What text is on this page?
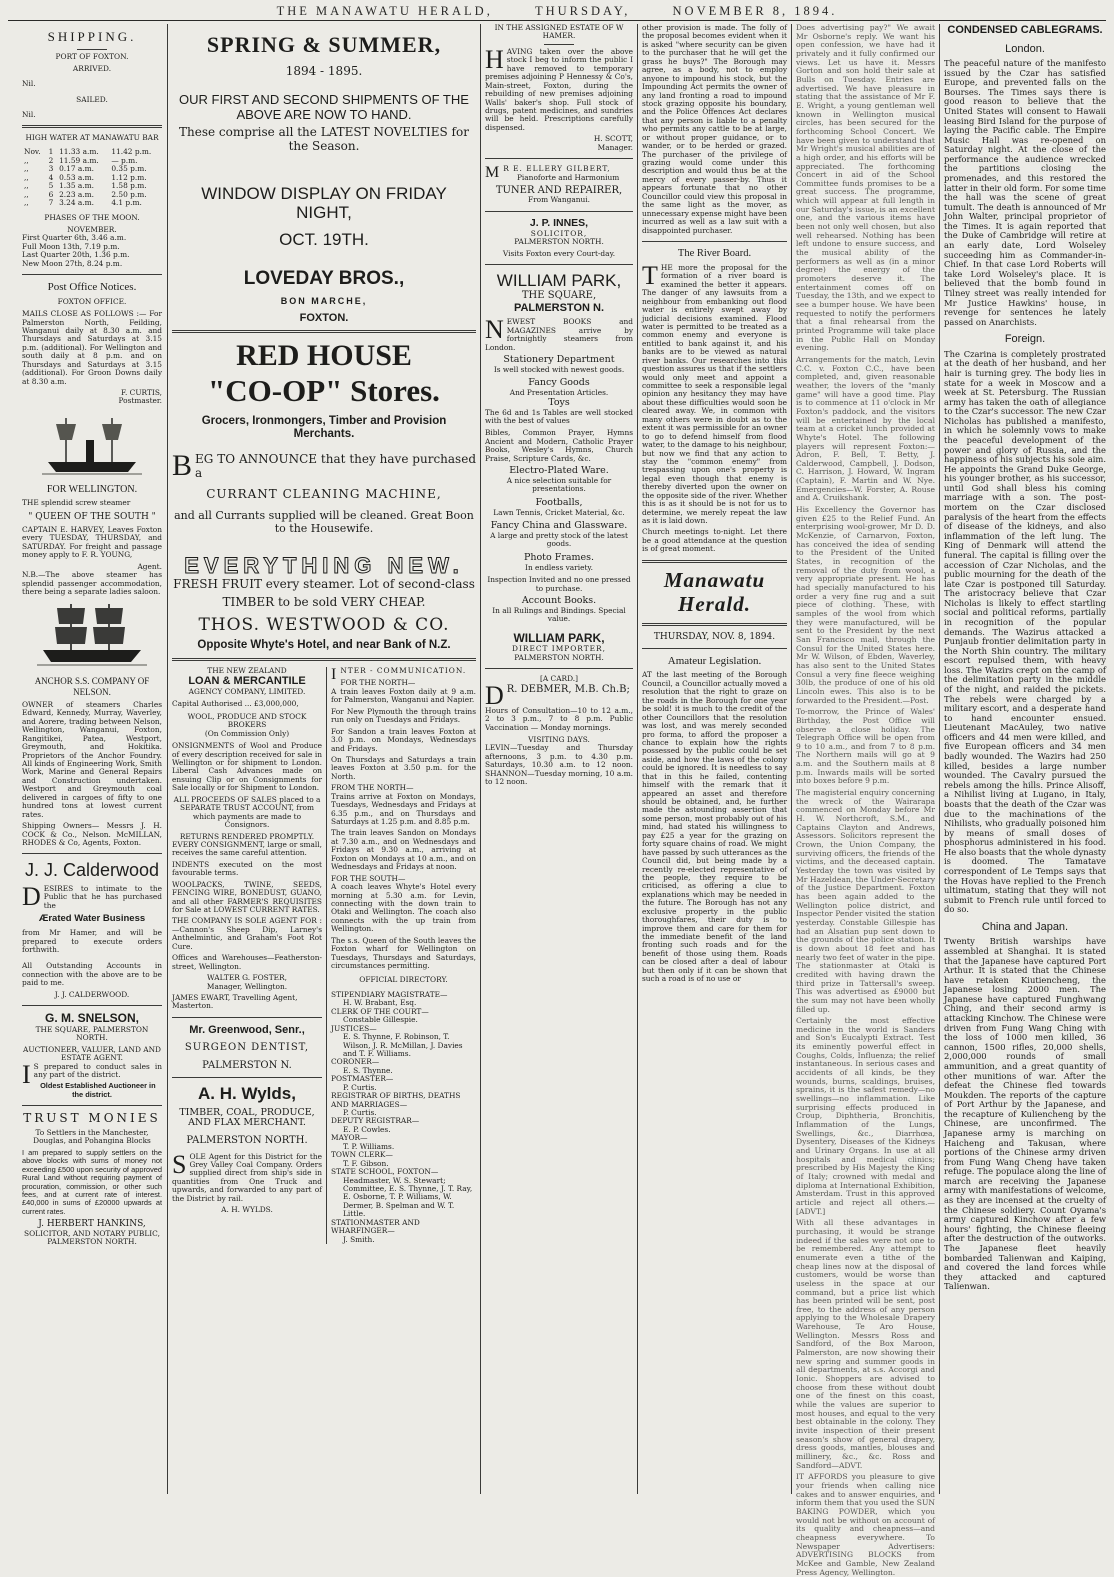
THE MANAWATU HERALD,	THURSDAY,	NOVEMBER 8, 1894.
SHIPPING.
PORT OF FOXTON.
ARRIVED.
Nil.
SAILED.
Nil.
HIGH WATER AT MANAWATU BAR
Nov.	1	11.33 a.m.	11.42 p.m.
,,	2	11.59 a.m.	— p.m.
,,	3	0.17 a.m.	0.35 p.m.
,,	4	0.53 a.m.	1.12 p.m.
,,	5	1.35 a.m.	1.58 p.m.
,,	6	2.23 a.m.	2.50 p.m.
,,	7	3.24 a.m.	4.1 p.m.
PHASES OF THE MOON.
NOVEMBER.
First Quarter 6th, 3.46 a.m.
Full Moon 13th, 7.19 p.m.
Last Quarter 20th, 1.36 p.m.
New Moon 27th, 8.24 p.m.
Post Office Notices.
FOXTON OFFICE.

MAILS CLOSE AS FOLLOWS :— For Palmerston North, Feilding, Wanganui daily at 8.30 a.m. and Thursdays and Saturdays at 3.15 p.m. (additional). For Wellington and south daily at 8 p.m. and on Thursdays and Saturdays at 3.15 (additional). For Groon Downs daily at 8.30 a.m.

F. CURTIS,
Postmaster.
FOR WELLINGTON.
THE splendid screw steamer
" QUEEN OF THE SOUTH "

CAPTAIN E. HARVEY, Leaves Foxton every TUESDAY, THURSDAY, and SATURDAY. For freight and passage money apply to F. R. YOUNG,

Agent.

N.B.—The above steamer has splendid passenger accommodation, there being a separate ladies saloon.

ANCHOR S.S. COMPANY OF NELSON.

OWNER of steamers Charles Edward, Kennedy, Murray, Waverley, and Aorere, trading between Nelson, Wellington, Wanganui, Foxton, Rangitikei, Patea, Westport, Greymouth, and Hokitika. Proprietors of the Anchor Foundry. All kinds of Engineering Work, Smith Work, Marine and General Repairs and Construction undertaken. Westport and Greymouth coal delivered in cargoes of fifty to one hundred tons at lowest current rates.

Shipping Owners— Messrs J. H. COCK & Co., Nelson. McMILLAN, RHODES & Co, Agents, Foxton.

J. J. Calderwood

DESIRES to intimate to the Public that he has purchased the

Ærated Water Business

from Mr Hamer, and will be prepared to execute orders forthwith.

All Outstanding Accounts in connection with the above are to be paid to me.

J. J. CALDERWOOD.
G. M. SNELSON,
THE SQUARE, PALMERSTON NORTH.
AUCTIONEER, VALUER, LAND AND ESTATE AGENT.

I S prepared to conduct sales in any part of the district.

Oldest Established Auctioneer in the district.
TRUST MONIES
To Settlers in the Manchester, Douglas, and Pohangina Blocks

I am prepared to supply settlers on the above blocks with sums of money not exceeding £500 upon security of approved Rural Land without requiring payment of procuration, commission, or other such fees, and at current rate of interest. £40,000 in sums of £20000 upwards at current rates.

J. HERBERT HANKINS,
SOLICITOR, AND NOTARY PUBLIC,
PALMERSTON NORTH.
SPRING & SUMMER,
1894 - 1895.
OUR FIRST AND SECOND SHIPMENTS OF THE ABOVE ARE NOW TO HAND.
These comprise all the LATEST NOVELTIES for the Season.
WINDOW DISPLAY ON FRIDAY NIGHT,
OCT. 19TH.
LOVEDAY BROS.,
BON MARCHE,
FOXTON.
RED HOUSE
"CO-OP" Stores.
Grocers, Ironmongers, Timber and Provision Merchants.

BEG TO ANNOUNCE that they have purchased a

CURRANT CLEANING MACHINE,
and all Currants supplied will be cleaned. Great Boon to the Housewife.
EVERYTHING NEW.
FRESH FRUIT every steamer. Lot of second-class
TIMBER to be sold VERY CHEAP.
THOS. WESTWOOD & CO.
Opposite Whyte's Hotel, and near Bank of N.Z.
THE NEW ZEALAND
LOAN & MERCANTILE
AGENCY COMPANY, LIMITED.
Capital Authorised ... £3,000,000,
WOOL, PRODUCE AND STOCK BROKERS
(On Commission Only)

ONSIGNMENTS of Wool and Produce of every description received for sale in Wellington or for shipment to London. Liberal Cash Advances made on ensuing Clip or on Consignments for Sale locally or for Shipment to London.

ALL PROCEEDS OF SALES placed to a SEPARATE TRUST ACCOUNT, from which payments are made to Consignors.

RETURNS RENDERED PROMPTLY.

EVERY CONSIGNMENT, large or small, receives the same careful attention.

INDENTS executed on the most favourable terms.

WOOLPACKS, TWINE, SEEDS, FENCING WIRE, BONEDUST, GUANO, and all other FARMER'S REQUISITES for Sale at LOWEST CURRENT RATES.

THE COMPANY IS SOLE AGENT FOR :—Cannon's Sheep Dip, Larney's Anthelmintic, and Graham's Foot Rot Cure.

Offices and Warehouses—Featherston-street, Wellington.

WALTER G. FOSTER,
Manager, Wellington.
JAMES EWART, Travelling Agent, Masterton.
Mr. Greenwood, Senr.,
SURGEON DENTIST,
PALMERSTON N.
A. H. Wylds,
TIMBER, COAL, PRODUCE, AND FLAX MERCHANT.
PALMERSTON NORTH.

SOLE Agent for this District for the Grey Valley Coal Company. Orders supplied direct from ship's side in quantities from One Truck and upwards, and forwarded to any part of the District by rail.

A. H. WYLDS.
INTER - COMMUNICATION.
FOR THE NORTH—

A train leaves Foxton daily at 9 a.m. for Palmerston, Wanganui and Napier.

For New Plymouth the through trains run only on Tuesdays and Fridays.

For Sandon a train leaves Foxton at 3.0 p.m. on Mondays, Wednesdays and Fridays.

On Thursdays and Saturdays a train leaves Foxton at 3.50 p.m. for the North.

FROM THE NORTH—

Trains arrive at Foxton on Mondays, Tuesdays, Wednesdays and Fridays at 6.35 p.m., and on Thursdays and Saturdays at 1.25 p.m. and 8.85 p.m.

The train leaves Sandon on Mondays at 7.30 a.m., and on Wednesdays and Fridays at 9.30 a.m., arriving at Foxton on Mondays at 10 a.m., and on Wednesdays and Fridays at noon.

FOR THE SOUTH—

A coach leaves Whyte's Hotel every morning at 5.30 a.m. for Levin, connecting with the down train to Otaki and Wellington. The coach also connects with the up train from Wellington.

The s.s. Queen of the South leaves the Foxton wharf for Wellington on Tuesdays, Thursdays and Saturdays, circumstances permitting.

OFFICIAL DIRECTORY.
STIPENDIARY MAGISTRATE—
H. W. Brabant, Esq.
CLERK OF THE COURT—
Constable Gillespie.
JUSTICES—
E. S. Thynne, F. Robinson, T. Wilson, J. R. McMillan, J. Davies and T. F. Williams.
CORONER—
E. S. Thynne.
POSTMASTER—
P. Curtis.
REGISTRAR OF BIRTHS, DEATHS AND MARRIAGES—
P. Curtis.
DEPUTY REGISTRAR—
E. P. Cowles.
MAYOR—
T. P. Williams.
TOWN CLERK—
T. F. Gibson.
STATE SCHOOL, FOXTON—
Headmaster, W. S. Stewart; Committee, E. S. Thynne, J. T. Ray, E. Osborne, T. P. Williams, W. Dermer, B. Spelman and W. T. Little.
STATIONMASTER AND WHARFINGER—
J. Smith.
IN THE ASSIGNED ESTATE OF W HAMER.

HAVING taken over the above stock I beg to inform the public I have removed to temporary premises adjoining P Hennessy & Co's, Main-street, Foxton, during the rebuilding of new premises adjoining Walls' baker's shop. Full stock of drugs, patent medicines, and sundries will be held. Prescriptions carefully dispensed.

H. SCOTT,
Manager.
M R E. ELLERY GILBERT,
Pianoforte and Harmonium
TUNER AND REPAIRER,
From Wanganui.
J. P. INNES,
SOLICITOR,
PALMERSTON NORTH.
Visits Foxton every Court-day.
WILLIAM PARK,
THE SQUARE,
PALMERSTON N.

NEWEST BOOKS and MAGAZINES arrive by fortnightly steamers from London.

Stationery Department
Is well stocked with newest goods.
Fancy Goods
And Presentation Articles.
Toys

The 6d and 1s Tables are well stocked with the best of values

Bibles, Common Prayer, Hymns Ancient and Modern, Catholic Prayer Books, Wesley's Hymns, Church Praise, Scripture Cards, &c.

Electro-Plated Ware.
A nice selection suitable for presentations.
Footballs,
Lawn Tennis, Cricket Material, &c.
Fancy China and Glassware.
A large and pretty stock of the latest goods.
Photo Frames.
In endless variety.

Inspection Invited and no one pressed to purchase.

Account Books.
In all Rulings and Bindings. Special value.
WILLIAM PARK,
DIRECT IMPORTER,
PALMERSTON NORTH.
[A CARD.]
D R. DEBMER, M.B. Ch.B;

Hours of Consultation—10 to 12 a.m., 2 to 3 p.m., 7 to 8 p.m. Public Vaccination — Monday mornings.

VISITING DAYS.

LEVIN—Tuesday and Thursday afternoons, 3 p.m. to 4.30 p.m. Saturdays, 10.30 a.m. to 12 noon. SHANNON—Tuesday morning, 10 a.m. to 12 noon.

other provision is made. The folly of the proposal becomes evident when it is asked "where security can be given to the purchaser that he will get the grass he buys?" The Borough may agree, as a body, not to employ anyone to impound his stock, but the Impounding Act permits the owner of any land fronting a road to impound stock grazing opposite his boundary, and the Police Offences Act declares that any person is liable to a penalty who permits any cattle to be at large, or without proper guidance, or to wander, or to be herded or grazed. The purchaser of the privilege of grazing would come under this description and would thus be at the mercy of every passer-by. Thus it appears fortunate that no other Councillor could view this proposal in the same light as the mover, as unnecessary expense might have been incurred as well as a law suit with a disappointed purchaser.

The River Board.

THE more the proposal for the formation of a river board is examined the better it appears. The danger of any lawsuits from a neighbour from embanking out flood water is entirely swept away by judicial decisions examined. Flood water is permitted to be treated as a common enemy and everyone is entitled to bank against it, and his banks are to be viewed as natural river banks. Our researches into this question assures us that if the settlers would only meet and appoint a committee to seek a responsible legal opinion any hesitancy they may have about these difficulties would soon be cleared away. We, in common with many others were in doubt as to the extent it was permissible for an owner to go to defend himself from flood water, to the damage to his neighbour, but now we find that any action to stay the "common enemy" from trespassing upon one's property is legal even though that enemy is thereby diverted upon the owner on the opposite side of the river. Whether this is as it should be is not for us to determine, we merely repeat the law as it is laid down.

Church meetings to-night. Let there be a good attendance at the question is of great moment.

Manawatu Herald.
THURSDAY, NOV. 8, 1894.
Amateur Legislation.

AT the last meeting of the Borough Council, a Councillor actually moved a resolution that the right to graze on the roads in the Borough for one year be sold! it is much to the credit of the other Councillors that the resolution was lost, and was merely seconded pro forma, to afford the proposer a chance to explain how the rights possessed by the public could be set aside, and how the laws of the colony could be ignored. It is needless to say that in this he failed, contenting himself with the remark that it appeared an asset and therefore should be obtained, and, he further made the astounding assertion that some person, most probably out of his mind, had stated his willingness to pay £25 a year for the grazing on forty square chains of road. We might have passed by such utterances as the Council did, but being made by a recently re-elected representative of the people, they require to be criticised, as offering a clue to explanations which may be needed in the future. The Borough has not any exclusive property in the public thoroughfares, their duty is to improve them and care for them for the immediate benefit of the land fronting such roads and for the benefit of those using them. Roads can be closed after a deal of labour but then only if it can be shown that such a road is of no use or

Does advertising pay?" We await Mr Osborne's reply. We want his open confession, we have had it privately and it fully confirmed our views. Let us have it. Messrs Gorton and son hold their sale at Bulls on Tuesday. Entries are advertised. We have pleasure in stating that the assistance of Mr F. E. Wright, a young gentleman well known in Wellington musical circles, has been secured for the forthcoming School Concert. We have been given to understand that Mr Wright's musical abilities are of a high order, and his efforts will be appreciated. The forthcoming Concert in aid of the School Committee funds promises to be a great success. The programme, which will appear at full length in our Saturday's issue, is an excellent one, and the various items have been not only well chosen, but also well rehearsed. Nothing has been left undone to ensure success, and the musical ability of the performers as well as (in a minor degree) the energy of the promoters deserve it. The entertainment comes off on Tuesday, the 13th, and we expect to see a bumper house. We have been requested to notify the performers that a final rehearsal from the printed Programme will take place in the Public Hall on Monday evening.

Arrangements for the match, Levin C.C. v. Foxton C.C., have been completed, and, given reasonable weather, the lovers of the "manly game" will have a good time. Play is to commence at 11 o'clock in Mr Foxton's paddock, and the visitors will be entertained by the local team at a cricket lunch provided at Whyte's Hotel. The following players will represent Foxton:— Adron, F. Bell, T. Betty, J. Calderwood, Campbell, J. Dodson, C. Harrison, J. Howard, W. Ingram (Captain), F. Martin and W. Nye. Emergencies—W. Forster, A. Rouse and A. Cruikshank.

His Excellency the Governor has given £25 to the Relief Fund. An enterprising wool-grower, Mr D. D. McKenzie, of Carnarvon, Foxton, has conceived the idea of sending to the President of the United States, in recognition of the removal of the duty from wool, a very appropriate present. He has had specially manufactured to his order a very fine rug and a suit piece of clothing. These, with samples of the wool from which they were manufactured, will be sent to the President by the next San Francisco mail, through the Consul for the United States here. Mr W. Wilson, of Ebden, Waverley, has also sent to the United States Consul a very fine fleece weighing 30lb, the produce of one of his old Lincoln ewes. This also is to be forwarded to the President.—Post.

To-morrow, the Prince of Wales' Birthday, the Post Office will observe a close holiday. The Telegraph Office will be open from 9 to 10 a.m., and from 7 to 8 p.m. The Northern mails will go at 9 a.m. and the Southern mails at 8 p.m. Inwards mails will be sorted into boxes before 9 p.m.

The magisterial enquiry concerning the wreck of the Wairarapa commenced on Monday before Mr H. W. Northcroft, S.M., and Captains Clayton and Andrews, Assessors. Solicitors represent the Crown, the Union Company, the surviving officers, the friends of the victims, and the deceased captain. Yesterday the town was visited by Mr Hazeldean, the Under-Secretary of the Justice Department. Foxton has been again added to the Wellington police district, and Inspector Pender visited the station yesterday. Constable Gillespie has had an Alsatian pup sent down to the grounds of the police station. It is down about 18 feet and has nearly two feet of water in the pipe. The stationmaster at Otaki is credited with having drawn the third prize in Tattersall's sweep. This was advertised as £9000 but the sum may not have been wholly filled up.

Certainly the most effective medicine in the world is Sanders and Son's Eucalypti Extract. Test its eminently powerful effect in Coughs, Colds, Influenza; the relief instantaneous. In serious cases and accidents of all kinds, be they wounds, burns, scaldings, bruises, sprains, it is the safest remedy—no swellings—no inflammation. Like surprising effects produced in Croup, Diphtheria, Bronchitis, Inflammation of the Lungs, Swellings, &c., Diarrhœa, Dysentery, Diseases of the Kidneys and Urinary Organs. In use at all hospitals and medical clinics; prescribed by His Majesty the King of Italy; crowned with medal and diploma at International Exhibition, Amsterdam. Trust in this approved article and reject all others.—[ADVT.]

With all these advantages in purchasing, it would be strange indeed if the sales were not one to be remembered. Any attempt to enumerate even a tithe of the cheap lines now at the disposal of customers, would be worse than useless in the space at our command, but a price list which has been printed will be sent, post free, to the address of any person applying to the Wholesale Drapery Warehouse, Te Aro House, Wellington. Messrs Ross and Sandford, of the Box Maroon, Palmerston, are now showing their new spring and summer goods in all departments, at s.s. Accorgi and Ionic. Shoppers are advised to choose from these without doubt one of the finest on this coast, while the values are superior to most houses, and equal to the very best obtainable in the colony. They invite inspection of their present season's show of general drapery, dress goods, mantles, blouses and millinery, &c., &c. Ross and Sandford—ADVT.

IT AFFORDS you pleasure to give your friends when calling nice cakes and to answer enquiries, and inform them that you used the SUN BAKING POWDER, which you would not be without on account of its quality and cheapness—and cheapness everywhere. To Newspaper Advertisers: ADVERTISING BLOCKS from McKee and Gamble, New Zealand Press Agency, Wellington.

CONDENSED CABLEGRAMS.
London.

The peaceful nature of the manifesto issued by the Czar has satisfied Europe, and prevented falls on the Bourses. The Times says there is good reason to believe that the United States will consent to Hawaii leasing Bird Island for the purpose of laying the Pacific cable. The Empire Music Hall was re-opened on Saturday night. At the close of the performance the audience wrecked the partitions closing the promenades, and this restored the latter in their old form. For some time the hall was the scene of great tumult. The death is announced of Mr John Walter, principal proprietor of the Times. It is again reported that the Duke of Cambridge will retire at an early date, Lord Wolseley succeeding him as Commander-in-Chief. In that case Lord Roberts will take Lord Wolseley's place. It is believed that the bomb found in Tilney street was really intended for Mr Justice Hawkins' house, in revenge for sentences he lately passed on Anarchists.

Foreign.

The Czarina is completely prostrated at the death of her husband, and her hair is turning grey. The body lies in state for a week in Moscow and a week at St. Petersburg. The Russian army has taken the oath of allegiance to the Czar's successor. The new Czar Nicholas has published a manifesto, in which he solemnly vows to make the peaceful development of the power and glory of Russia, and the happiness of his subjects his sole aim. He appoints the Grand Duke George, his younger brother, as his successor, until God shall bless his coming marriage with a son. The post-mortem on the Czar disclosed paralysis of the heart from the effects of disease of the kidneys, and also inflammation of the left lung. The King of Denmark will attend the funeral. The capital is filling over the accession of Czar Nicholas, and the public mourning for the death of the late Czar is postponed till Saturday. The aristocracy believe that Czar Nicholas is likely to effect startling social and political reforms, partially in recognition of the popular demands. The Wazirus attacked a Punjaub frontier delimitation party in the North Shin country. The military escort repulsed them, with heavy loss. The Wazirs crept on the camp of the delimitation party in the middle of the night, and raided the pickets. The rebels were charged by a military escort, and a desperate hand to hand encounter ensued. Lieutenant MacAuley, two native officers and 44 men were killed, and five European officers and 34 men badly wounded. The Wazirs had 250 killed, besides a large number wounded. The Cavalry pursued the rebels among the hills. Prince Alisoff, a Nihilist living at Lugano, in Italy, boasts that the death of the Czar was due to the machinations of the Nihilists, who gradually poisoned him by means of small doses of phosphorus administered in his food. He also boasts that the whole dynasty is doomed. The Tamatave correspondent of Le Temps says that the Hovas have replied to the French ultimatum, stating that they will not submit to French rule until forced to do so.

China and Japan.

Twenty British warships have assembled at Shanghai. It is stated that the Japanese have captured Port Arthur. It is stated that the Chinese have retaken Kiutiencheng, the Japanese losing 2000 men. The Japanese have captured Funghwang Ching, and their second army is attacking Kinchow. The Chinese were driven from Fung Wang Ching with the loss of 1000 men killed, 36 cannon, 1500 rifles, 20,000 shells, 2,000,000 rounds of small ammunition, and a great quantity of other munitions of war. After the defeat the Chinese fled towards Moukden. The reports of the capture of Port Arthur by the Japanese, and the recapture of Kuliencheng by the Chinese, are unconfirmed. The Japanese army is marching on Haicheng and Takusan, where portions of the Chinese army driven from Fung Wang Cheng have taken refuge. The populace along the line of march are receiving the Japanese army with manifestations of welcome, as they are incensed at the cruelty of the Chinese soldiery. Count Oyama's army captured Kinchow after a few hours' fighting, the Chinese fleeing after the destruction of the outworks. The Japanese fleet heavily bombarded Talienwan and Kaiping, and covered the land forces while they attacked and captured Talienwan.
